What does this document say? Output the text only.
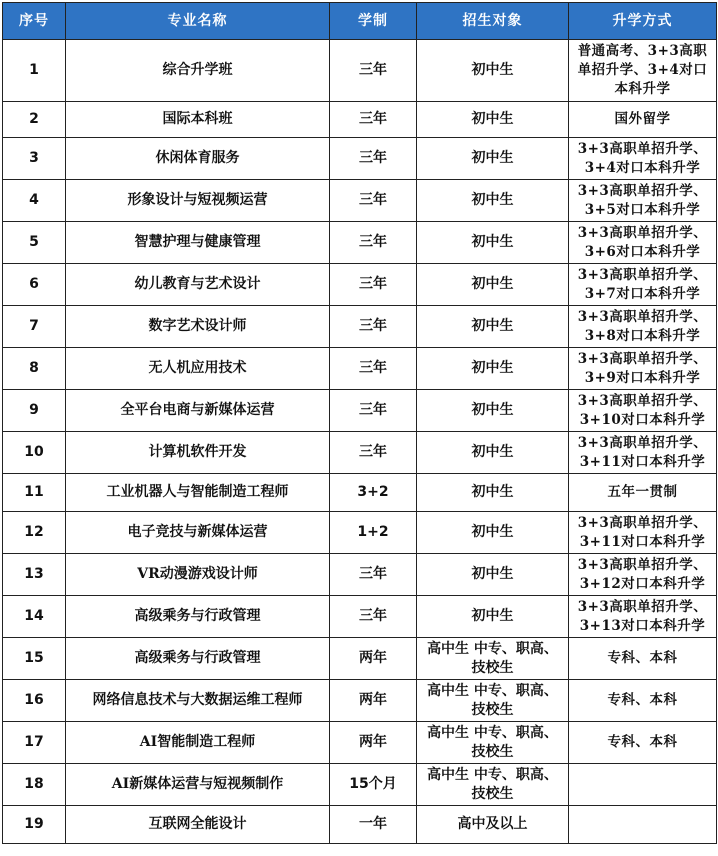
序号	专业名称	学制	招生对象	升学方式
1	综合升学班	三年	初中生	普通高考、3+3高职单招升学、3+4对口本科升学
2	国际本科班	三年	初中生	国外留学
3	休闲体育服务	三年	初中生	3+3高职单招升学、3+4对口本科升学
4	形象设计与短视频运营	三年	初中生	3+3高职单招升学、3+5对口本科升学
5	智慧护理与健康管理	三年	初中生	3+3高职单招升学、3+6对口本科升学
6	幼儿教育与艺术设计	三年	初中生	3+3高职单招升学、3+7对口本科升学
7	数字艺术设计师	三年	初中生	3+3高职单招升学、3+8对口本科升学
8	无人机应用技术	三年	初中生	3+3高职单招升学、3+9对口本科升学
9	全平台电商与新媒体运营	三年	初中生	3+3高职单招升学、3+10对口本科升学
10	计算机软件开发	三年	初中生	3+3高职单招升学、3+11对口本科升学
11	工业机器人与智能制造工程师	3+2	初中生	五年一贯制
12	电子竞技与新媒体运营	1+2	初中生	3+3高职单招升学、3+11对口本科升学
13	VR动漫游戏设计师	三年	初中生	3+3高职单招升学、3+12对口本科升学
14	高级乘务与行政管理	三年	初中生	3+3高职单招升学、3+13对口本科升学
15	高级乘务与行政管理	两年	高中生 中专、职高、技校生	专科、本科
16	网络信息技术与大数据运维工程师	两年	高中生 中专、职高、技校生	专科、本科
17	AI智能制造工程师	两年	高中生 中专、职高、技校生	专科、本科
18	AI新媒体运营与短视频制作	15个月	高中生 中专、职高、技校生	
19	互联网全能设计	一年	高中及以上	
